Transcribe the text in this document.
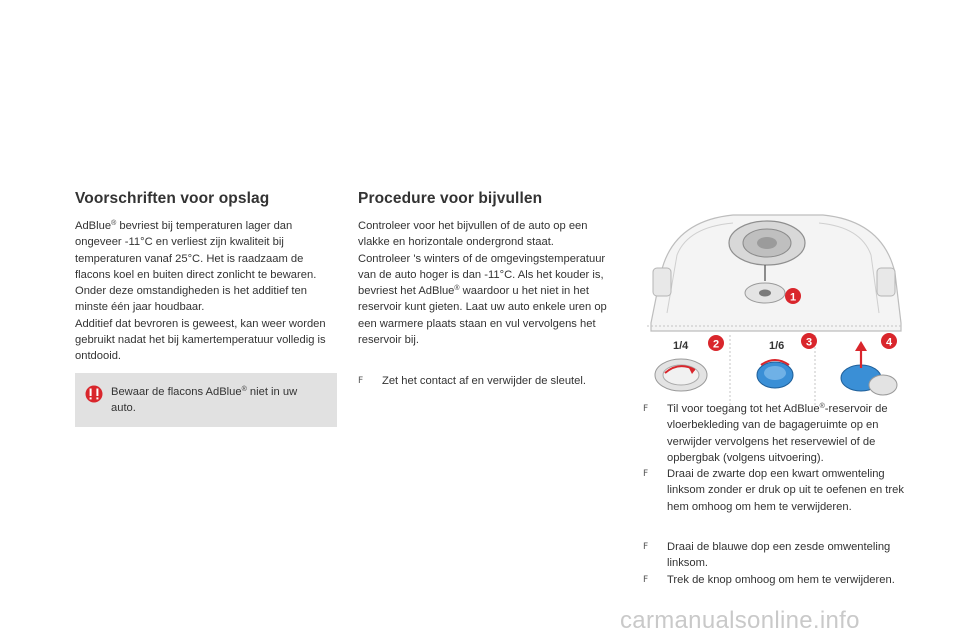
Voorschriften voor opslag

AdBlue® bevriest bij temperaturen lager dan ongeveer -11°C en verliest zijn kwaliteit bij temperaturen vanaf 25°C. Het is raadzaam de flacons koel en buiten direct zonlicht te bewaren.

Onder deze omstandigheden is het additief ten minste één jaar houdbaar.

Additief dat bevroren is geweest, kan weer worden gebruikt nadat het bij kamertemperatuur volledig is ontdooid.

Bewaar de flacons AdBlue® niet in uw auto.
Procedure voor bijvullen

Controleer voor het bijvullen of de auto op een vlakke en horizontale ondergrond staat.

Controleer 's winters of de omgevingstemperatuur van de auto hoger is dan -11°C. Als het kouder is, bevriest het AdBlue® waardoor u het niet in het reservoir kunt gieten. Laat uw auto enkele uren op een warmere plaats staan en vul vervolgens het reservoir bij.

F Zet het contact af en verwijder de sleutel.
1
1/4 2	1/6 3	4
F Til voor toegang tot het AdBlue®-reservoir de vloerbekleding van de bagageruimte op en verwijder vervolgens het reservewiel of de opbergbak (volgens uitvoering).
F Draai de zwarte dop een kwart omwenteling linksom zonder er druk op uit te oefenen en trek hem omhoog om hem te verwijderen.
F Draai de blauwe dop een zesde omwenteling linksom.
F Trek de knop omhoog om hem te verwijderen.
carmanualsonline.info
